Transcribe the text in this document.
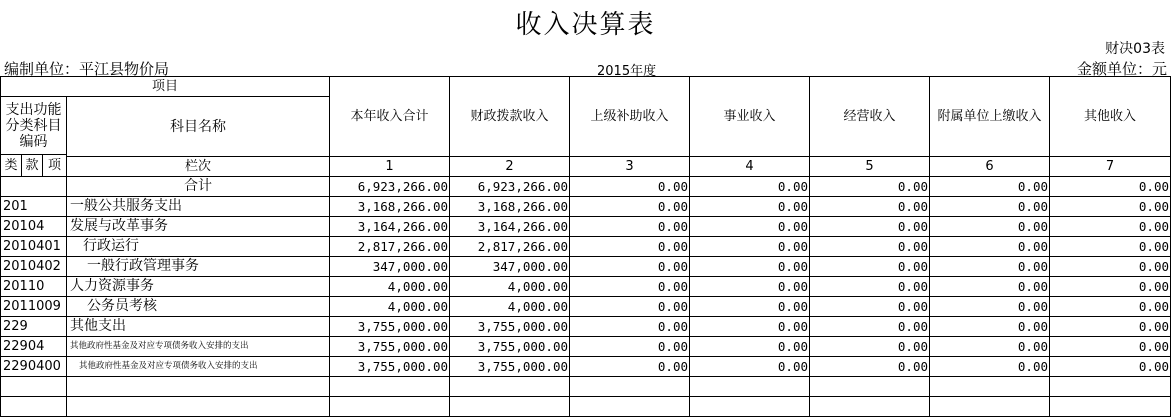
收入决算表
财决03表
编制单位：平江县物价局	2015年度	金额单位：元
项目				本年收入合计	财政拨款收入	上级补助收入	事业收入	经营收入	附属单位上缴收入	其他收入
支出功能分类科目编码			科目名称							
类	款	项								
			栏次	1	2	3	4	5	6	7
			合计	6,923,266.00	6,923,266.00	0.00	0.00	0.00	0.00	0.00
201			一般公共服务支出	3,168,266.00	3,168,266.00	0.00	0.00	0.00	0.00	0.00
20104			发展与改革事务	3,164,266.00	3,164,266.00	0.00	0.00	0.00	0.00	0.00
2010401			行政运行	2,817,266.00	2,817,266.00	0.00	0.00	0.00	0.00	0.00
2010402			一般行政管理事务	347,000.00	347,000.00	0.00	0.00	0.00	0.00	0.00
20110			人力资源事务	4,000.00	4,000.00	0.00	0.00	0.00	0.00	0.00
2011009			公务员考核	4,000.00	4,000.00	0.00	0.00	0.00	0.00	0.00
229			其他支出	3,755,000.00	3,755,000.00	0.00	0.00	0.00	0.00	0.00
22904			其他政府性基金及对应专项债务收入安排的支出	3,755,000.00	3,755,000.00	0.00	0.00	0.00	0.00	0.00
2290400			其他政府性基金及对应专项债务收入安排的支出	3,755,000.00	3,755,000.00	0.00	0.00	0.00	0.00	0.00
